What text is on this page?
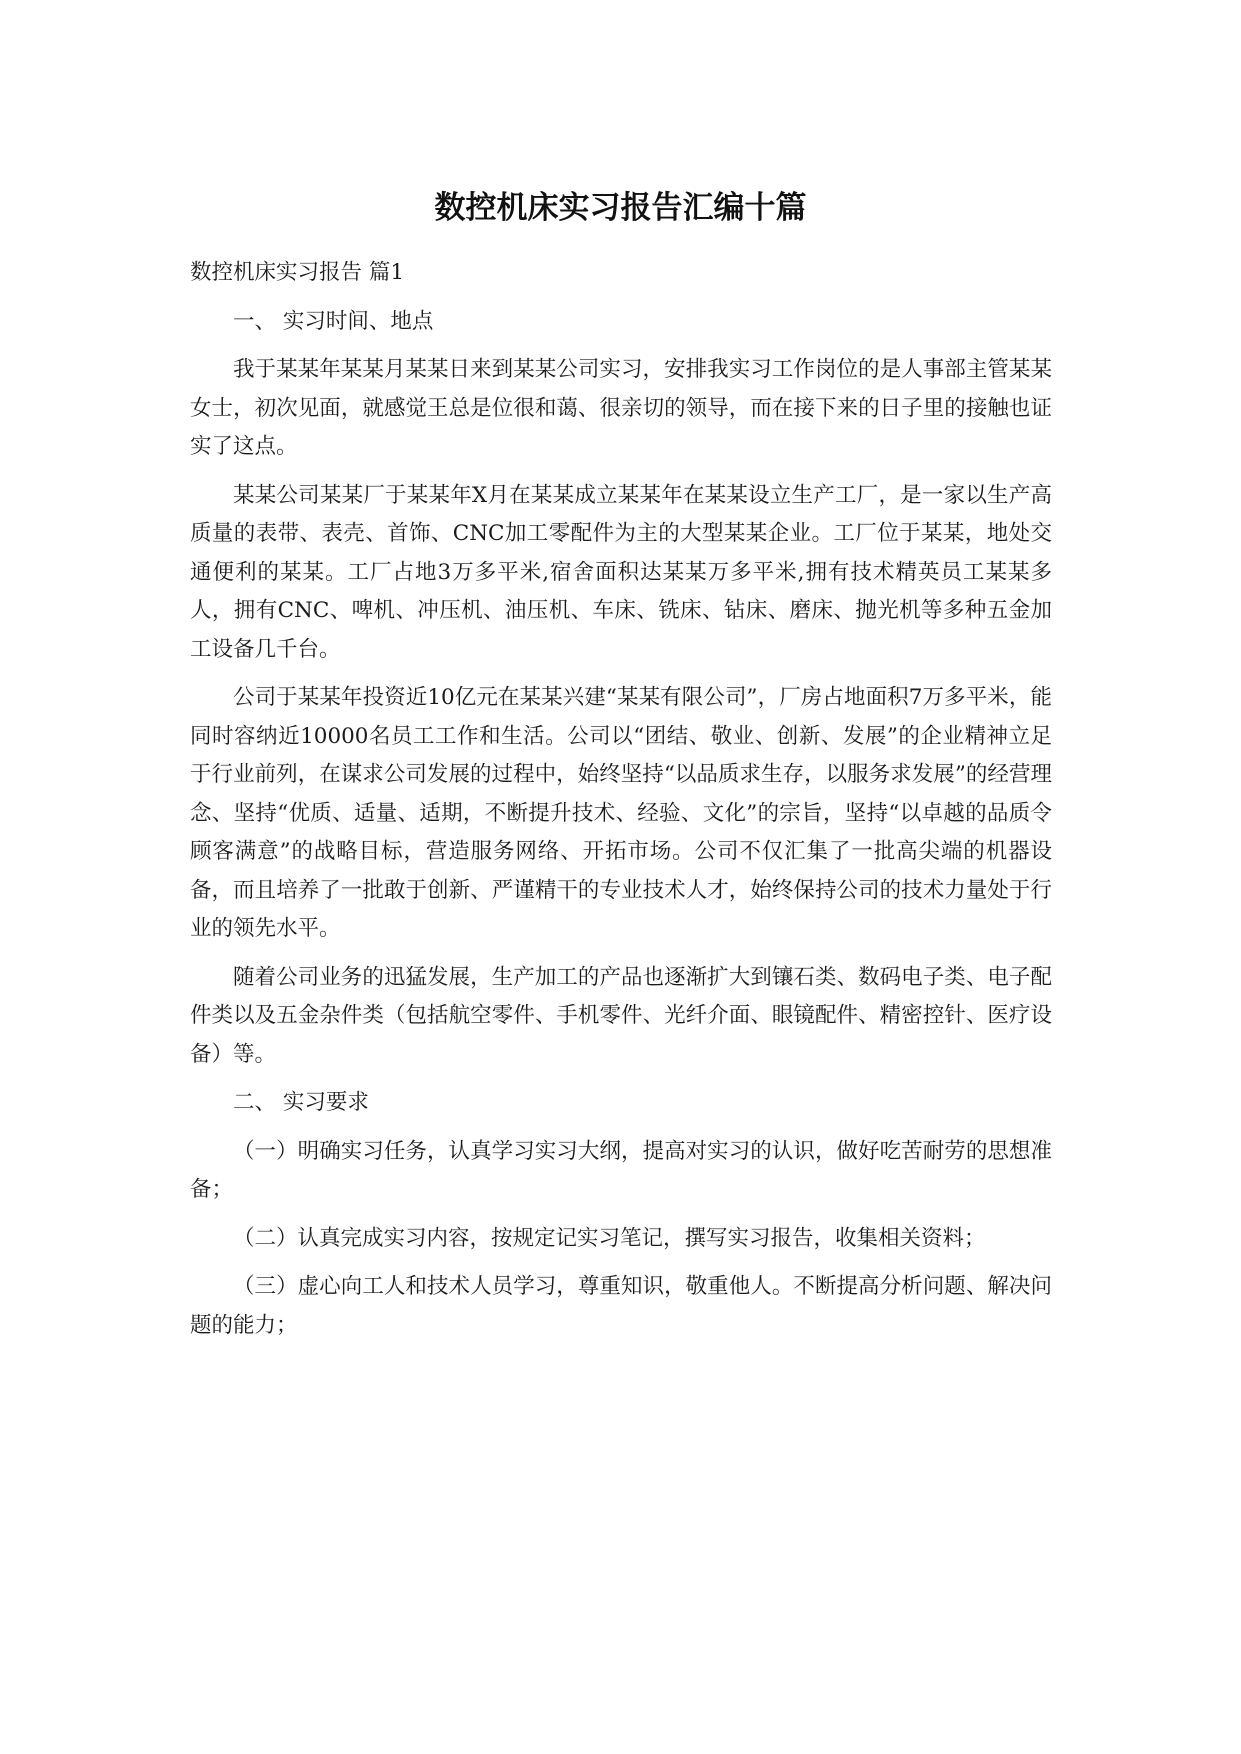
数控机床实习报告汇编十篇

数控机床实习报告 篇1

一、 实习时间、地点

我于某某年某某月某某日来到某某公司实习，安排我实习工作岗位的是人事部主管某某女士，初次见面，就感觉王总是位很和蔼、很亲切的领导，而在接下来的日子里的接触也证实了这点。

某某公司某某厂于某某年X月在某某成立某某年在某某设立生产工厂，是一家以生产高质量的表带、表壳、首饰、CNC加工零配件为主的大型某某企业。工厂位于某某，地处交通便利的某某。工厂占地3万多平米,宿舍面积达某某万多平米,拥有技术精英员工某某多人，拥有CNC、啤机、冲压机、油压机、车床、铣床、钻床、磨床、抛光机等多种五金加工设备几千台。

公司于某某年投资近10亿元在某某兴建“某某有限公司”，厂房占地面积7万多平米，能同时容纳近10000名员工工作和生活。公司以“团结、敬业、创新、发展”的企业精神立足于行业前列，在谋求公司发展的过程中，始终坚持“以品质求生存，以服务求发展”的经营理念、坚持“优质、适量、适期，不断提升技术、经验、文化”的宗旨，坚持“以卓越的品质令顾客满意”的战略目标，营造服务网络、开拓市场。公司不仅汇集了一批高尖端的机器设备，而且培养了一批敢于创新、严谨精干的专业技术人才，始终保持公司的技术力量处于行业的领先水平。

随着公司业务的迅猛发展，生产加工的产品也逐渐扩大到镶石类、数码电子类、电子配件类以及五金杂件类（包括航空零件、手机零件、光纤介面、眼镜配件、精密控针、医疗设备）等。

二、 实习要求

（一）明确实习任务，认真学习实习大纲，提高对实习的认识，做好吃苦耐劳的思想准备；

（二）认真完成实习内容，按规定记实习笔记，撰写实习报告，收集相关资料；

（三）虚心向工人和技术人员学习，尊重知识，敬重他人。不断提高分析问题、解决问题的能力；
